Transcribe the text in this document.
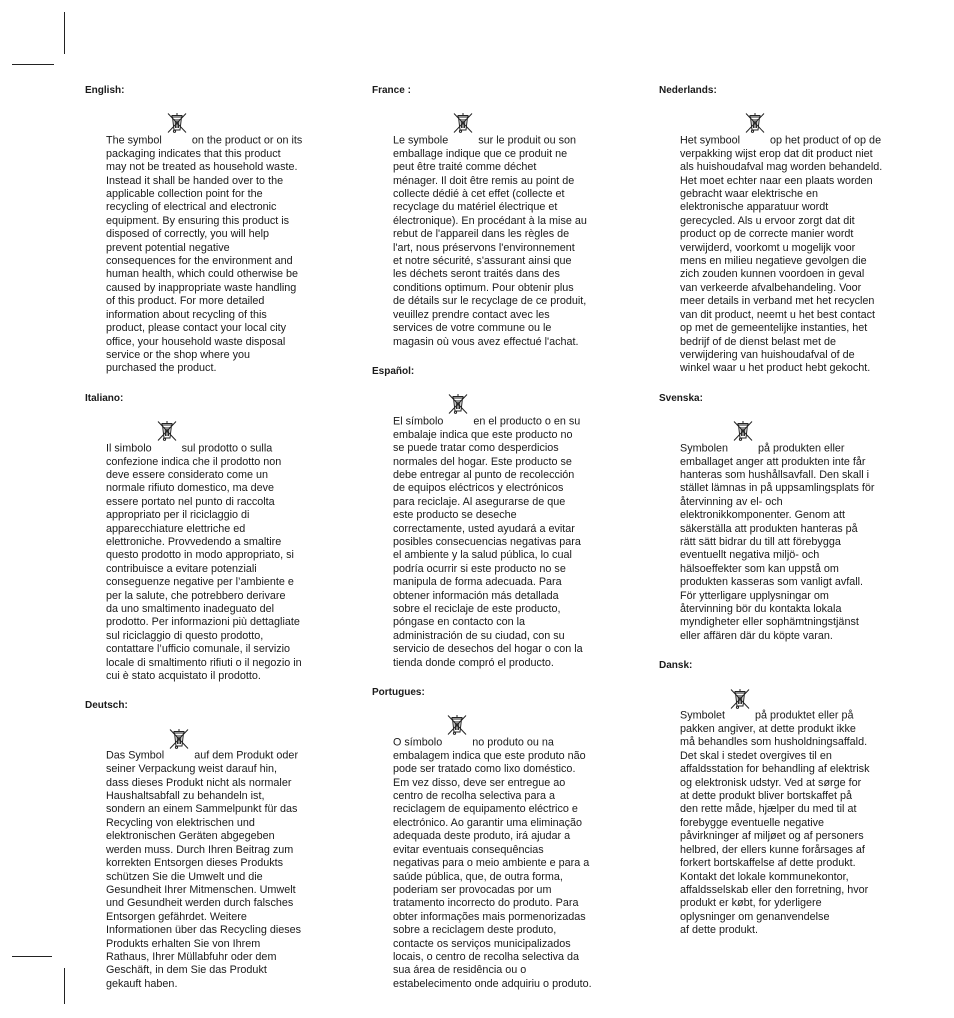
English:
The symbol	on the product or on its
packaging indicates that this product
may not be treated as household waste.
Instead it shall be handed over to the
applicable collection point for the
recycling of electrical and electronic
equipment. By ensuring this product is
disposed of correctly, you will help
prevent potential negative
consequences for the environment and
human health, which could otherwise be
caused by inappropriate waste handling
of this product. For more detailed
information about recycling of this
product, please contact your local city
office, your household waste disposal
service or the shop where you
purchased the product.
Italiano:
Il simbolo	sul prodotto o sulla
confezione indica che il prodotto non
deve essere considerato come un
normale rifiuto domestico, ma deve
essere portato nel punto di raccolta
appropriato per il riciclaggio di
apparecchiature elettriche ed
elettroniche. Provvedendo a smaltire
questo prodotto in modo appropriato, si
contribuisce a evitare potenziali
conseguenze negative per l’ambiente e
per la salute, che potrebbero derivare
da uno smaltimento inadeguato del
prodotto. Per informazioni più dettagliate
sul riciclaggio di questo prodotto,
contattare l’ufficio comunale, il servizio
locale di smaltimento rifiuti o il negozio in
cui è stato acquistato il prodotto.
Deutsch:
Das Symbol	auf dem Produkt oder
seiner Verpackung weist darauf hin,
dass dieses Produkt nicht als normaler
Haushaltsabfall zu behandeln ist,
sondern an einem Sammelpunkt für das
Recycling von elektrischen und
elektronischen Geräten abgegeben
werden muss. Durch Ihren Beitrag zum
korrekten Entsorgen dieses Produkts
schützen Sie die Umwelt und die
Gesundheit Ihrer Mitmenschen. Umwelt
und Gesundheit werden durch falsches
Entsorgen gefährdet. Weitere
Informationen über das Recycling dieses
Produkts erhalten Sie von Ihrem
Rathaus, Ihrer Müllabfuhr oder dem
Geschäft, in dem Sie das Produkt
gekauft haben.
France :
Le symbole	sur le produit ou son
emballage indique que ce produit ne
peut être traité comme déchet
ménager. Il doit être remis au point de
collecte dédié à cet effet (collecte et
recyclage du matériel électrique et
électronique). En procédant à la mise au
rebut de l'appareil dans les règles de
l'art, nous préservons l'environnement
et notre sécurité, s'assurant ainsi que
les déchets seront traités dans des
conditions optimum. Pour obtenir plus
de détails sur le recyclage de ce produit,
veuillez prendre contact avec les
services de votre commune ou le
magasin où vous avez effectué l'achat.
Español:
El símbolo	en el producto o en su
embalaje indica que este producto no
se puede tratar como desperdicios
normales del hogar. Este producto se
debe entregar al punto de recolección
de equipos eléctricos y electrónicos
para reciclaje. Al asegurarse de que
este producto se deseche
correctamente, usted ayudará a evitar
posibles consecuencias negativas para
el ambiente y la salud pública, lo cual
podría ocurrir si este producto no se
manipula de forma adecuada. Para
obtener información más detallada
sobre el reciclaje de este producto,
póngase en contacto con la
administración de su ciudad, con su
servicio de desechos del hogar o con la
tienda donde compró el producto.
Portugues:
O símbolo	no produto ou na
embalagem indica que este produto não
pode ser tratado como lixo doméstico.
Em vez disso, deve ser entregue ao
centro de recolha selectiva para a
reciclagem de equipamento eléctrico e
electrónico. Ao garantir uma eliminação
adequada deste produto, irá ajudar a
evitar eventuais consequências
negativas para o meio ambiente e para a
saúde pública, que, de outra forma,
poderiam ser provocadas por um
tratamento incorrecto do produto. Para
obter informações mais pormenorizadas
sobre a reciclagem deste produto,
contacte os serviços municipalizados
locais, o centro de recolha selectiva da
sua área de residência ou o
estabelecimento onde adquiriu o produto.
Nederlands:
Het symbool	op het product of op de
verpakking wijst erop dat dit product niet
als huishoudafval mag worden behandeld.
Het moet echter naar een plaats worden
gebracht waar elektrische en
elektronische apparatuur wordt
gerecycled. Als u ervoor zorgt dat dit
product op de correcte manier wordt
verwijderd, voorkomt u mogelijk voor
mens en milieu negatieve gevolgen die
zich zouden kunnen voordoen in geval
van verkeerde afvalbehandeling. Voor
meer details in verband met het recyclen
van dit product, neemt u het best contact
op met de gemeentelijke instanties, het
bedrijf of de dienst belast met de
verwijdering van huishoudafval of de
winkel waar u het product hebt gekocht.
Svenska:
Symbolen	på produkten eller
emballaget anger att produkten inte får
hanteras som hushållsavfall. Den skall i
stället lämnas in på uppsamlingsplats för
återvinning av el- och
elektronikkomponenter. Genom att
säkerställa att produkten hanteras på
rätt sätt bidrar du till att förebygga
eventuellt negativa miljö- och
hälsoeffekter som kan uppstå om
produkten kasseras som vanligt avfall.
För ytterligare upplysningar om
återvinning bör du kontakta lokala
myndigheter eller sophämtningstjänst
eller affären där du köpte varan.
Dansk:
Symbolet	på produktet eller på
pakken angiver, at dette produkt ikke
må behandles som husholdningsaffald.
Det skal i stedet overgives til en
affaldsstation for behandling af elektrisk
og elektronisk udstyr. Ved at sørge for
at dette produkt bliver bortskaffet på
den rette måde, hjælper du med til at
forebygge eventuelle negative
påvirkninger af miljøet og af personers
helbred, der ellers kunne forårsages af
forkert bortskaffelse af dette produkt.
Kontakt det lokale kommunekontor,
affaldsselskab eller den forretning, hvor
produkt er købt, for yderligere
oplysninger om genanvendelse
af dette produkt.
